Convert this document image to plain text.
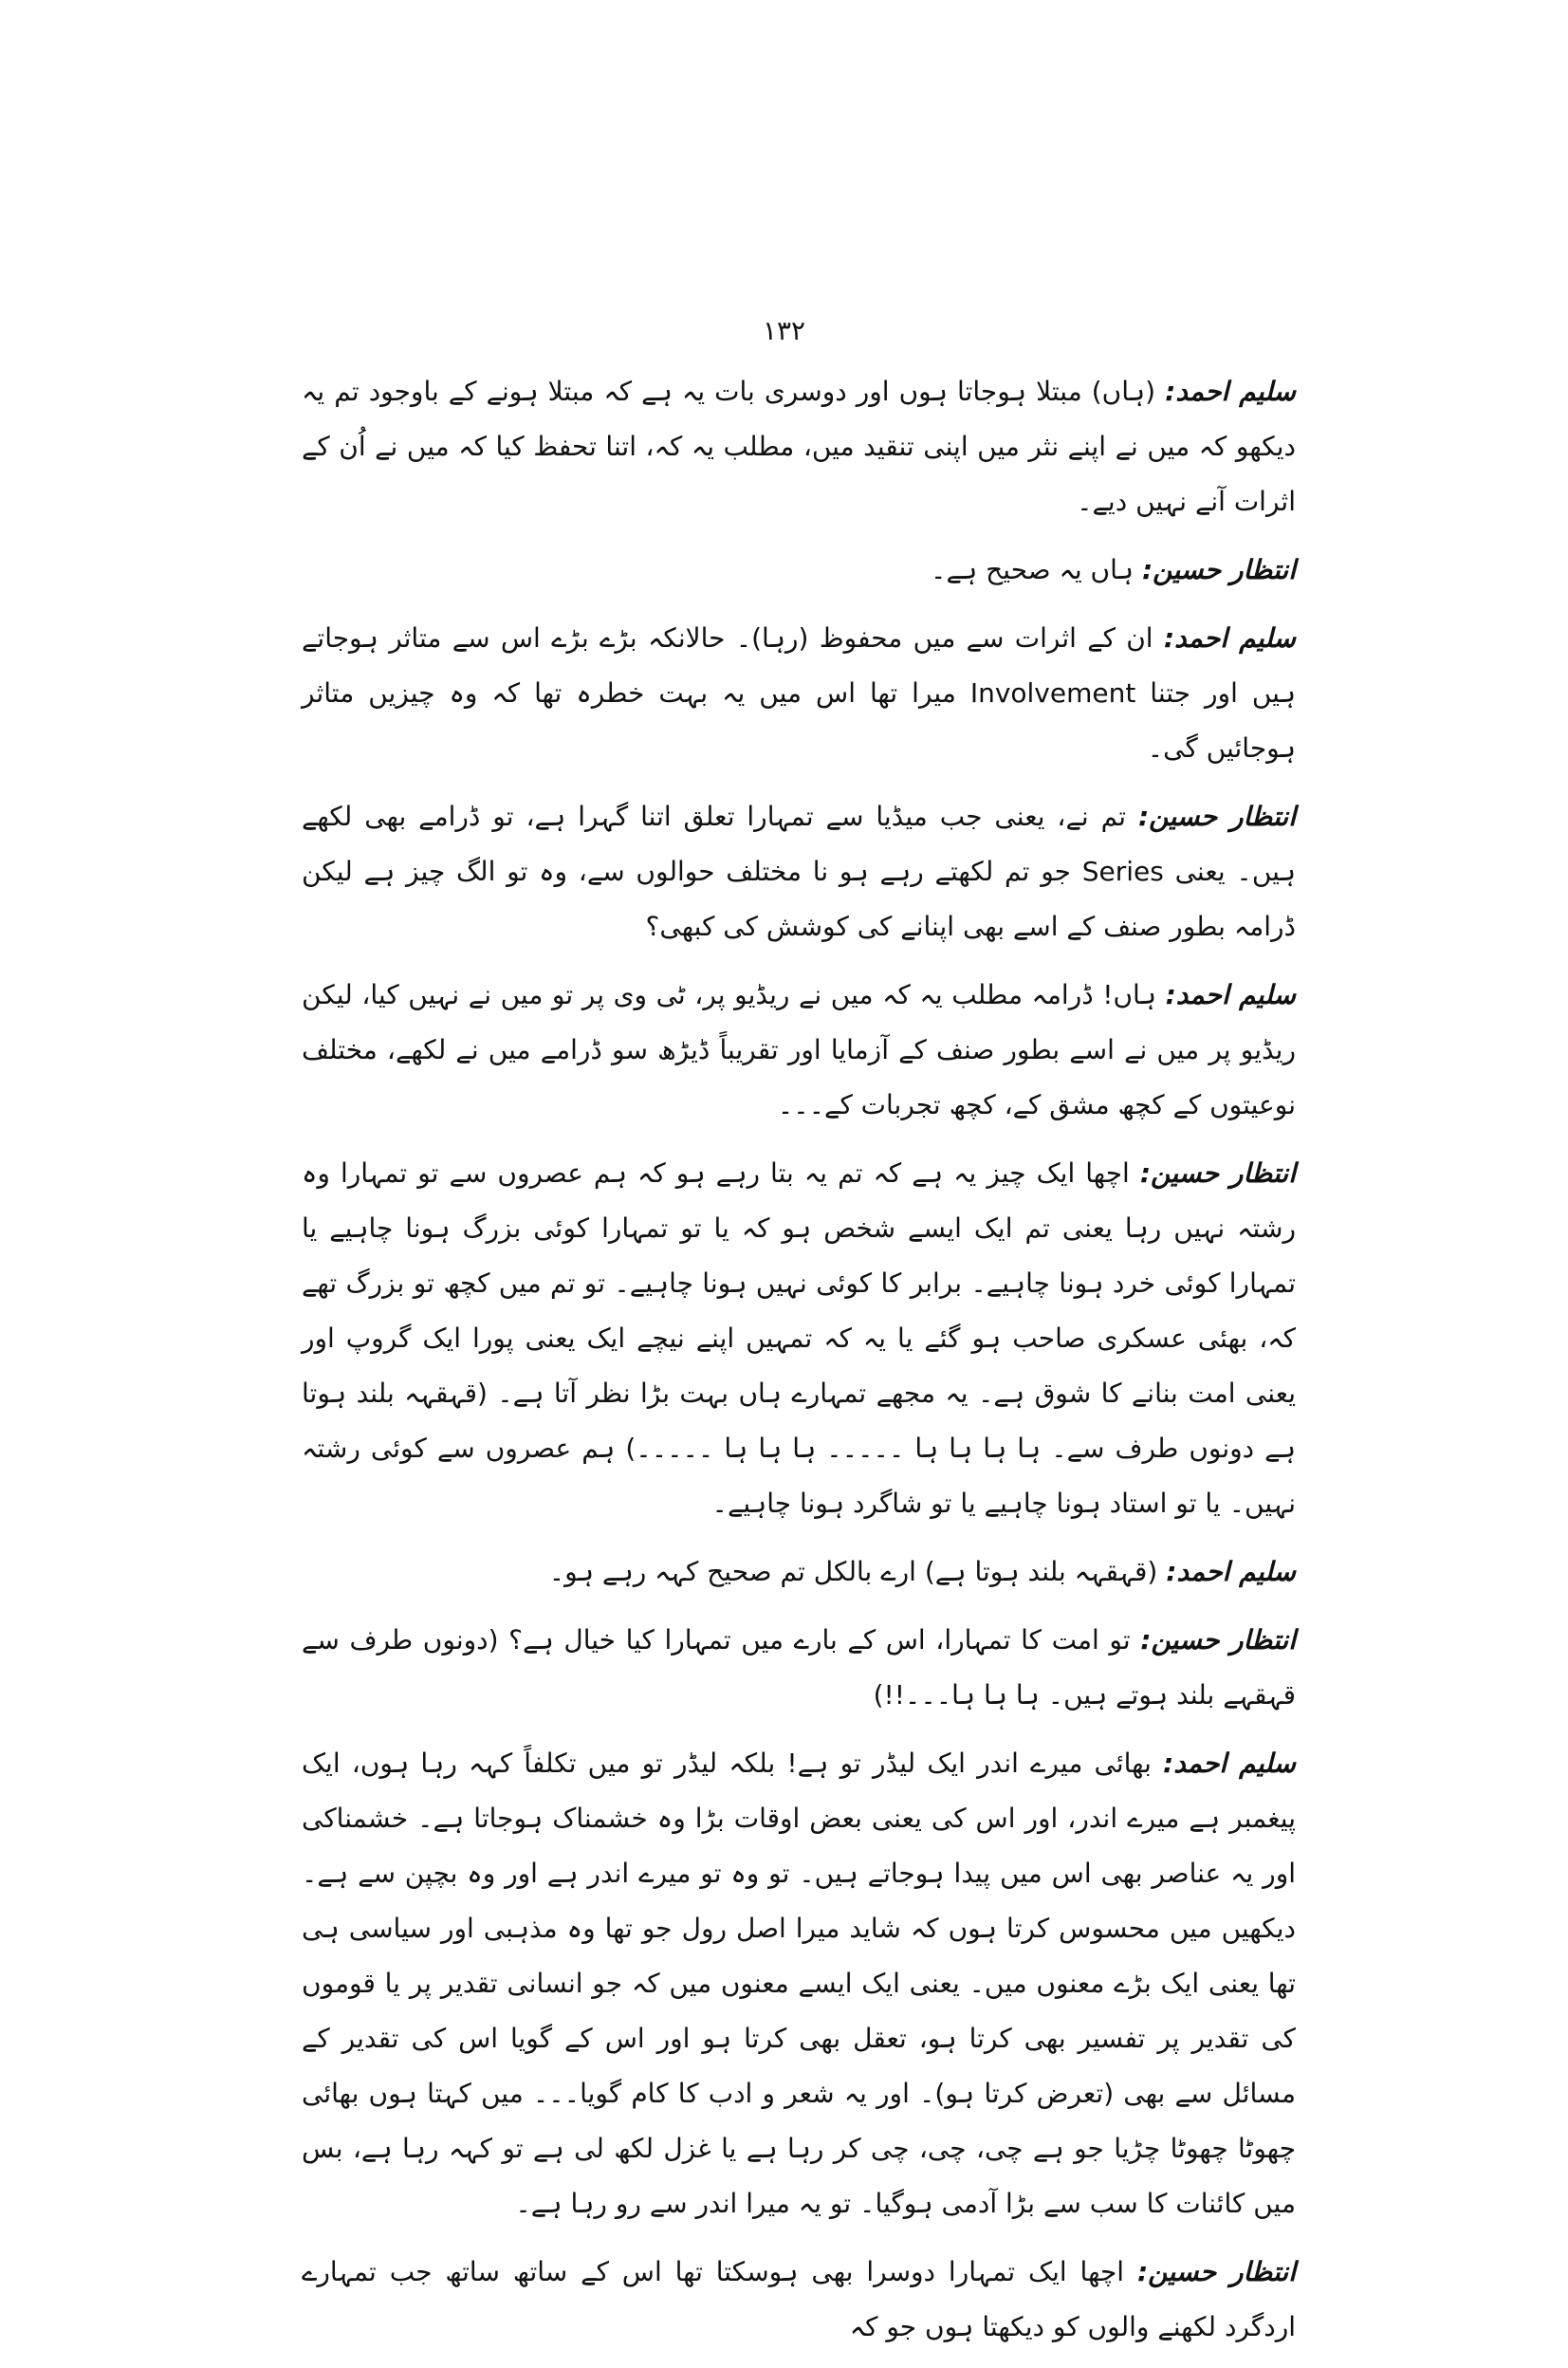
۱۳۲

سلیم احمد: (ہاں) مبتلا ہوجاتا ہوں اور دوسری بات یہ ہے کہ مبتلا ہونے کے باوجود تم یہ دیکھو کہ میں نے اپنے نثر میں اپنی تنقید میں، مطلب یہ کہ، اتنا تحفظ کیا کہ میں نے اُن کے اثرات آنے نہیں دیے۔

انتظار حسین: ہاں یہ صحیح ہے۔

سلیم احمد: ان کے اثرات سے میں محفوظ (رہا)۔ حالانکہ بڑے بڑے اس سے متاثر ہوجاتے ہیں اور جتنا Involvement میرا تھا اس میں یہ بہت خطرہ تھا کہ وہ چیزیں متاثر ہوجائیں گی۔

انتظار حسین: تم نے، یعنی جب میڈیا سے تمہارا تعلق اتنا گہرا ہے، تو ڈرامے بھی لکھے ہیں۔ یعنی Series جو تم لکھتے رہے ہو نا مختلف حوالوں سے، وہ تو الگ چیز ہے لیکن ڈرامہ بطور صنف کے اسے بھی اپنانے کی کوشش کی کبھی؟

سلیم احمد: ہاں! ڈرامہ مطلب یہ کہ میں نے ریڈیو پر، ٹی وی پر تو میں نے نہیں کیا، لیکن ریڈیو پر میں نے اسے بطور صنف کے آزمایا اور تقریباً ڈیڑھ سو ڈرامے میں نے لکھے، مختلف نوعیتوں کے کچھ مشق کے، کچھ تجربات کے۔۔۔

انتظار حسین: اچھا ایک چیز یہ ہے کہ تم یہ بتا رہے ہو کہ ہم عصروں سے تو تمہارا وہ رشتہ نہیں رہا یعنی تم ایک ایسے شخص ہو کہ یا تو تمہارا کوئی بزرگ ہونا چاہیے یا تمہارا کوئی خرد ہونا چاہیے۔ برابر کا کوئی نہیں ہونا چاہیے۔ تو تم میں کچھ تو بزرگ تھے کہ، بھئی عسکری صاحب ہو گئے یا یہ کہ تمہیں اپنے نیچے ایک یعنی پورا ایک گروپ اور یعنی امت بنانے کا شوق ہے۔ یہ مجھے تمہارے ہاں بہت بڑا نظر آتا ہے۔ (قہقہہ بلند ہوتا ہے دونوں طرف سے۔ ہا ہا ہا ہا ۔۔۔۔۔ ہا ہا ہا ۔۔۔۔۔) ہم عصروں سے کوئی رشتہ نہیں۔ یا تو استاد ہونا چاہیے یا تو شاگرد ہونا چاہیے۔

سلیم احمد: (قہقہہ بلند ہوتا ہے) ارے بالکل تم صحیح کہہ رہے ہو۔

انتظار حسین: تو امت کا تمہارا، اس کے بارے میں تمہارا کیا خیال ہے؟ (دونوں طرف سے قہقہے بلند ہوتے ہیں۔ ہا ہا ہا۔۔۔!!)

سلیم احمد: بھائی میرے اندر ایک لیڈر تو ہے! بلکہ لیڈر تو میں تکلفاً کہہ رہا ہوں، ایک پیغمبر ہے میرے اندر، اور اس کی یعنی بعض اوقات بڑا وہ خشمناک ہوجاتا ہے۔ خشمناکی اور یہ عناصر بھی اس میں پیدا ہوجاتے ہیں۔ تو وہ تو میرے اندر ہے اور وہ بچپن سے ہے۔ دیکھیں میں محسوس کرتا ہوں کہ شاید میرا اصل رول جو تھا وہ مذہبی اور سیاسی ہی تھا یعنی ایک بڑے معنوں میں۔ یعنی ایک ایسے معنوں میں کہ جو انسانی تقدیر پر یا قوموں کی تقدیر پر تفسیر بھی کرتا ہو، تعقل بھی کرتا ہو اور اس کے گویا اس کی تقدیر کے مسائل سے بھی (تعرض کرتا ہو)۔ اور یہ شعر و ادب کا کام گویا۔۔۔ میں کہتا ہوں بھائی چھوٹا چھوٹا چڑیا جو ہے چی، چی، چی کر رہا ہے یا غزل لکھ لی ہے تو کہہ رہا ہے، بس میں کائنات کا سب سے بڑا آدمی ہوگیا۔ تو یہ میرا اندر سے رو رہا ہے۔

انتظار حسین: اچھا ایک تمہارا دوسرا بھی ہوسکتا تھا اس کے ساتھ ساتھ جب تمہارے اردگرد لکھنے والوں کو دیکھتا ہوں جو کہ
